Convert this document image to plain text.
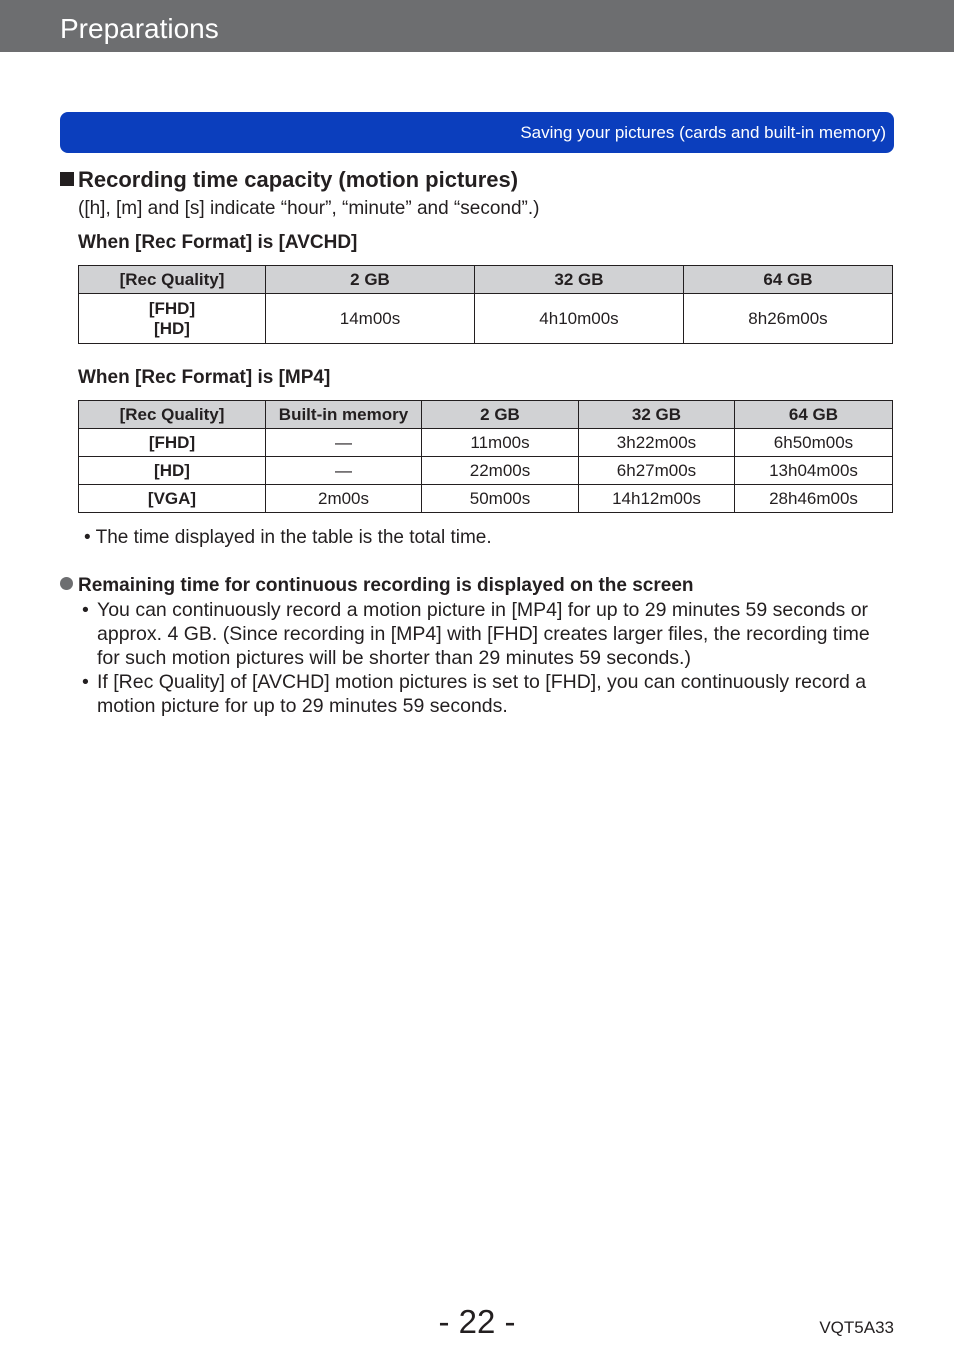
Preparations
Saving your pictures (cards and built-in memory)
Recording time capacity (motion pictures)
([h], [m] and [s] indicate “hour”, “minute” and “second”.)
When [Rec Format] is [AVCHD]
[Rec Quality]	2 GB	32 GB	64 GB

[FHD]
[HD]	14m00s	4h10m00s	8h26m00s
When [Rec Format] is [MP4]
[Rec Quality]	Built-in memory	2 GB	32 GB	64 GB
[FHD]	—	11m00s	3h22m00s	6h50m00s
[HD]	—	22m00s	6h27m00s	13h04m00s
[VGA]	2m00s	50m00s	14h12m00s	28h46m00s
• The time displayed in the table is the total time.
Remaining time for continuous recording is displayed on the screen
• You can continuously record a motion picture in [MP4] for up to 29 minutes 59 seconds or approx. 4 GB. (Since recording in [MP4] with [FHD] creates larger files, the recording time for such motion pictures will be shorter than 29 minutes 59 seconds.)
• If [Rec Quality] of [AVCHD] motion pictures is set to [FHD], you can continuously record a motion picture for up to 29 minutes 59 seconds.
- 22 -	VQT5A33
